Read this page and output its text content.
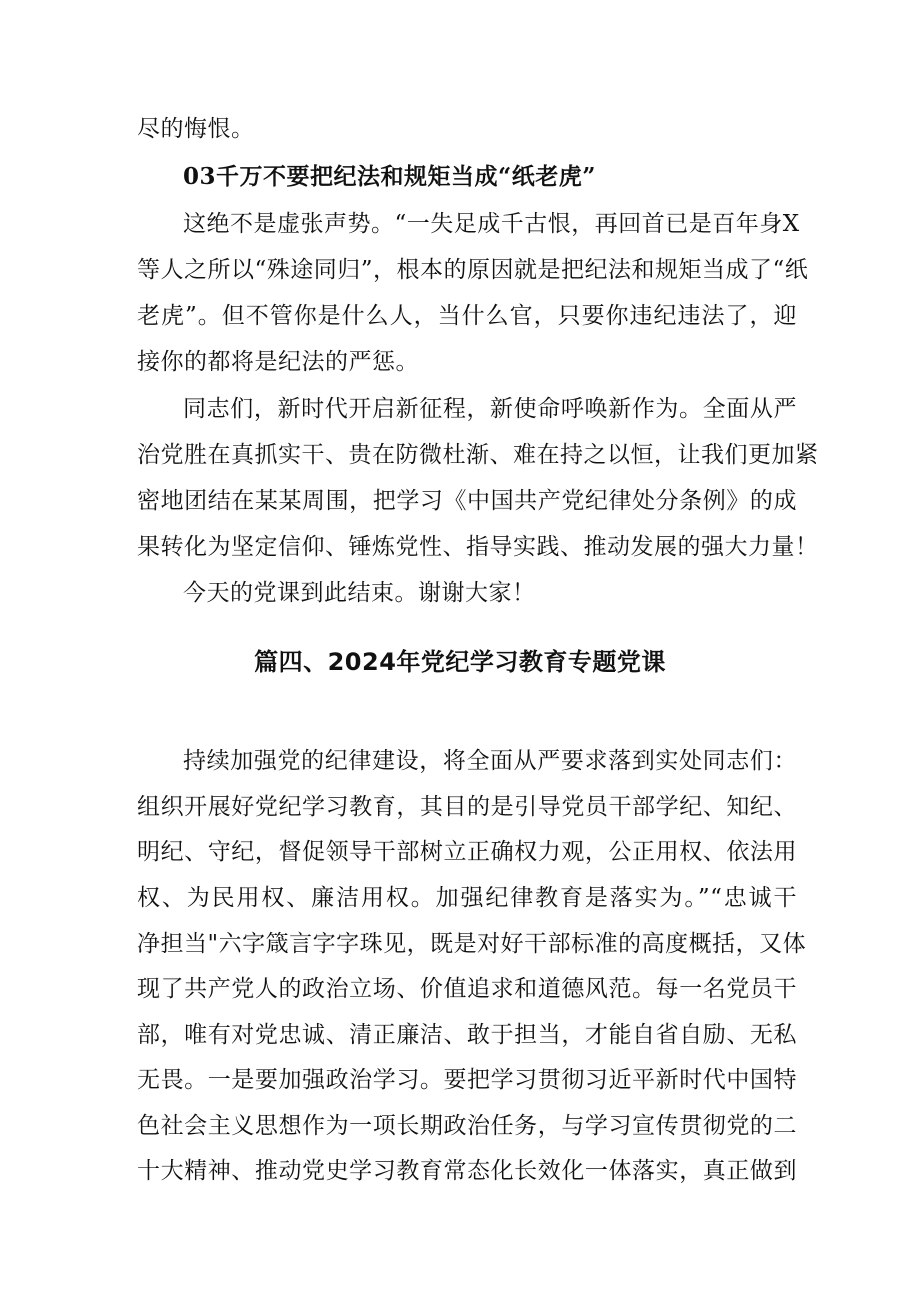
尽的悔恨。
03千万不要把纪法和规矩当成“纸老虎”
这绝不是虚张声势。“一失足成千古恨，再回首已是百年身X
等人之所以“殊途同归”，根本的原因就是把纪法和规矩当成了“纸
老虎”。但不管你是什么人，当什么官，只要你违纪违法了，迎
接你的都将是纪法的严惩。
同志们，新时代开启新征程，新使命呼唤新作为。全面从严
治党胜在真抓实干、贵在防微杜渐、难在持之以恒，让我们更加紧
密地团结在某某周围，把学习《中国共产党纪律处分条例》的成
果转化为坚定信仰、锤炼党性、指导实践、推动发展的强大力量！
今天的党课到此结束。谢谢大家！
篇四、2024年党纪学习教育专题党课
持续加强党的纪律建设，将全面从严要求落到实处同志们：
组织开展好党纪学习教育，其目的是引导党员干部学纪、知纪、
明纪、守纪，督促领导干部树立正确权力观，公正用权、依法用
权、为民用权、廉洁用权。加强纪律教育是落实为。”“忠诚干
净担当"六字箴言字字珠见，既是对好干部标准的高度概括，又体
现了共产党人的政治立场、价值追求和道德风范。每一名党员干
部，唯有对党忠诚、清正廉洁、敢于担当，才能自省自励、无私
无畏。一是要加强政治学习。要把学习贯彻习近平新时代中国特
色社会主义思想作为一项长期政治任务，与学习宣传贯彻党的二
十大精神、推动党史学习教育常态化长效化一体落实，真正做到
